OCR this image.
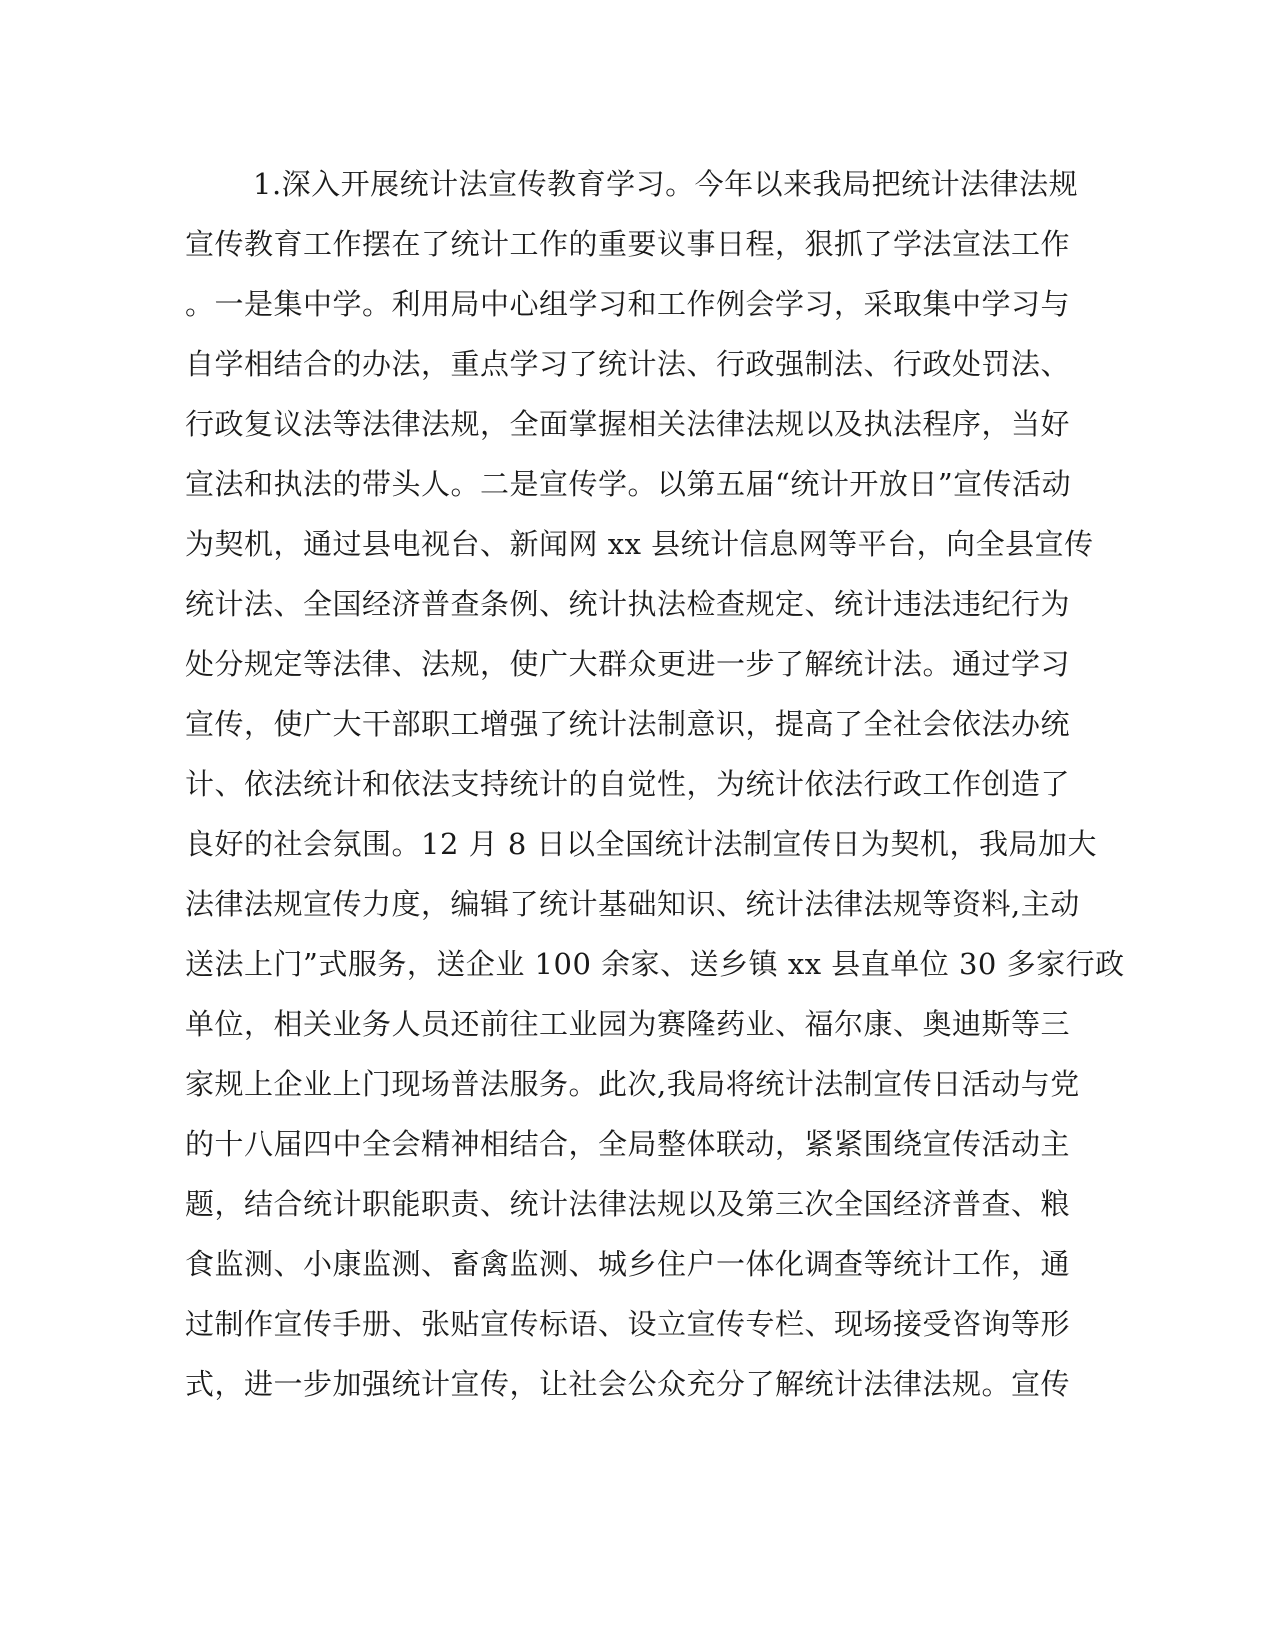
1.深入开展统计法宣传教育学习。今年以来我局把统计法律法规
宣传教育工作摆在了统计工作的重要议事日程，狠抓了学法宣法工作
。一是集中学。利用局中心组学习和工作例会学习，采取集中学习与
自学相结合的办法，重点学习了统计法、行政强制法、行政处罚法、
行政复议法等法律法规，全面掌握相关法律法规以及执法程序，当好
宣法和执法的带头人。二是宣传学。以第五届“统计开放日”宣传活动
为契机，通过县电视台、新闻网 xx 县统计信息网等平台，向全县宣传
统计法、全国经济普查条例、统计执法检查规定、统计违法违纪行为
处分规定等法律、法规，使广大群众更进一步了解统计法。通过学习
宣传，使广大干部职工增强了统计法制意识，提高了全社会依法办统
计、依法统计和依法支持统计的自觉性，为统计依法行政工作创造了
良好的社会氛围。12 月 8 日以全国统计法制宣传日为契机，我局加大
法律法规宣传力度，编辑了统计基础知识、统计法律法规等资料,主动
送法上门”式服务，送企业 100 余家、送乡镇 xx 县直单位 30 多家行政
单位，相关业务人员还前往工业园为赛隆药业、福尔康、奥迪斯等三
家规上企业上门现场普法服务。此次,我局将统计法制宣传日活动与党
的十八届四中全会精神相结合，全局整体联动，紧紧围绕宣传活动主
题，结合统计职能职责、统计法律法规以及第三次全国经济普查、粮
食监测、小康监测、畜禽监测、城乡住户一体化调查等统计工作，通
过制作宣传手册、张贴宣传标语、设立宣传专栏、现场接受咨询等形
式，进一步加强统计宣传，让社会公众充分了解统计法律法规。宣传
